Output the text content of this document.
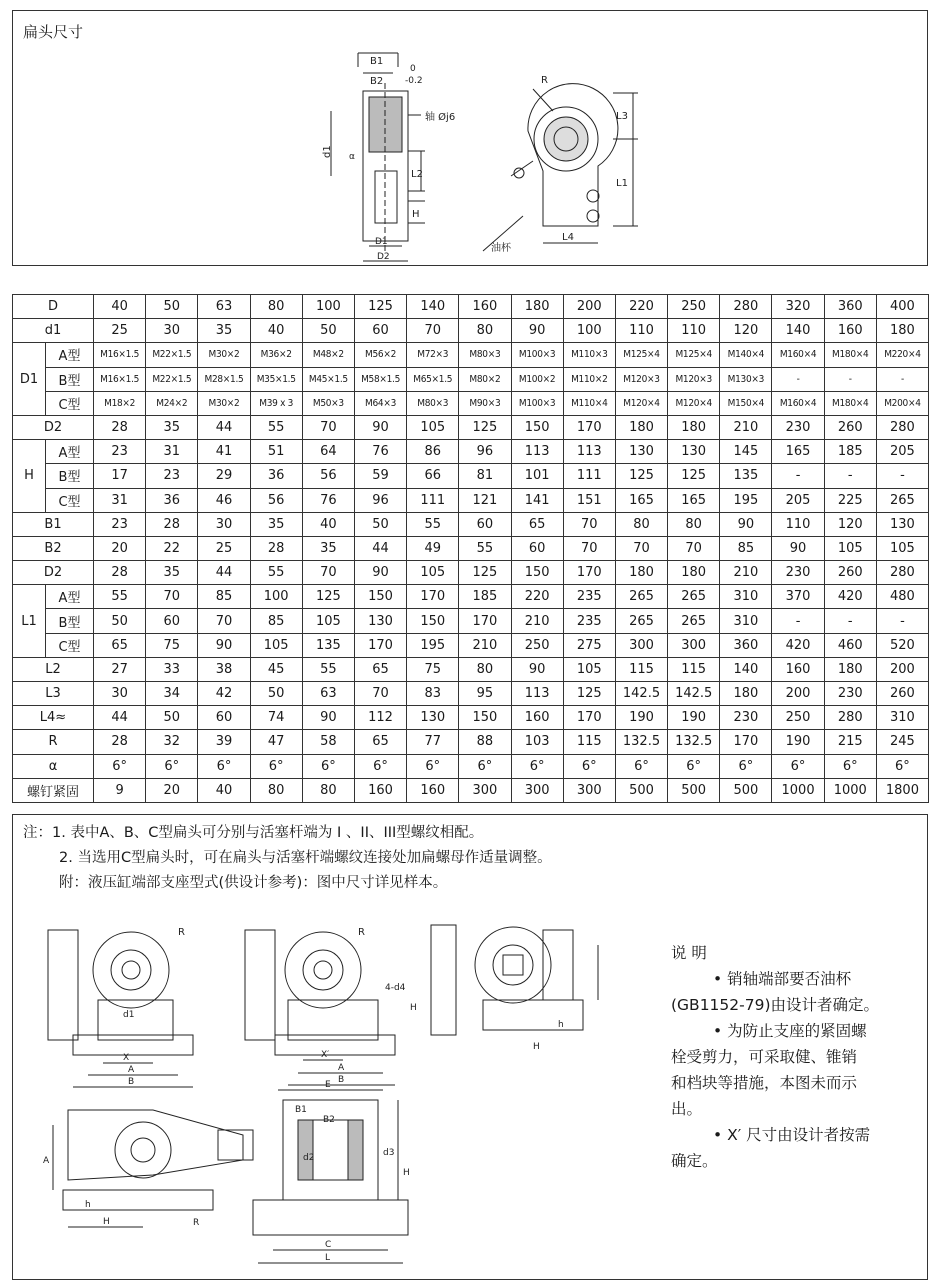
扁头尺寸
B1
B2
0
-0.2
轴 Øj6
d1 α
L2
H
D1
D2
R
L3
L1
L4
油杯
D		40	50	63	80	100	125	140	160	180	200	220	250	280	320	360	400
d1		25	30	35	40	50	60	70	80	90	100	110	110	120	140	160	180
D1	A型	M16×1.5	M22×1.5	M30×2	M36×2	M48×2	M56×2	M72×3	M80×3	M100×3	M110×3	M125×4	M125×4	M140×4	M160×4	M180×4	M220×4
	B型	M16×1.5	M22×1.5	M28×1.5	M35×1.5	M45×1.5	M58×1.5	M65×1.5	M80×2	M100×2	M110×2	M120×3	M120×3	M130×3	-	-	-
	C型	M18×2	M24×2	M30×2	M39 x 3	M50×3	M64×3	M80×3	M90×3	M100×3	M110×4	M120×4	M120×4	M150×4	M160×4	M180×4	M200×4
D2		28	35	44	55	70	90	105	125	150	170	180	180	210	230	260	280
H	A型	23	31	41	51	64	76	86	96	113	113	130	130	145	165	185	205
	B型	17	23	29	36	56	59	66	81	101	111	125	125	135	-	-	-
	C型	31	36	46	56	76	96	111	121	141	151	165	165	195	205	225	265
B1		23	28	30	35	40	50	55	60	65	70	80	80	90	110	120	130
B2		20	22	25	28	35	44	49	55	60	70	70	70	85	90	105	105
D2		28	35	44	55	70	90	105	125	150	170	180	180	210	230	260	280
L1	A型	55	70	85	100	125	150	170	185	220	235	265	265	310	370	420	480
	B型	50	60	70	85	105	130	150	170	210	235	265	265	310	-	-	-
	C型	65	75	90	105	135	170	195	210	250	275	300	300	360	420	460	520
L2		27	33	38	45	55	65	75	80	90	105	115	115	140	160	180	200
L3		30	34	42	50	63	70	83	95	113	125	142.5	142.5	180	200	230	260
L4≈		44	50	60	74	90	112	130	150	160	170	190	190	230	250	280	310
R		28	32	39	47	58	65	77	88	103	115	132.5	132.5	170	190	215	245
α		6°	6°	6°	6°	6°	6°	6°	6°	6°	6°	6°	6°	6°	6°	6°	6°
螺钉紧固		9	20	40	80	80	160	160	300	300	300	500	500	500	1000	1000	1800
注：1. 表中A、B、C型扁头可分别与活塞杆端为 I 、II、III型螺纹相配。
2. 当选用C型扁头时，可在扁头与活塞杆端螺纹连接处加扁螺母作适量调整。
附：液压缸端部支座型式(供设计参考)：图中尺寸详见样本。
R
X
A
B
d1
R
4-d4
H
X′
A
B
H
h
A
h
H	R
E
B1
B2
d2	d3
H
C
L
说 明
• 销轴端部要否油杯
(GB1152-79)由设计者确定。
• 为防止支座的紧固螺
栓受剪力，可采取健、锥销
和档块等措施，本图未而示
出。
• X′ 尺寸由设计者按需
确定。
